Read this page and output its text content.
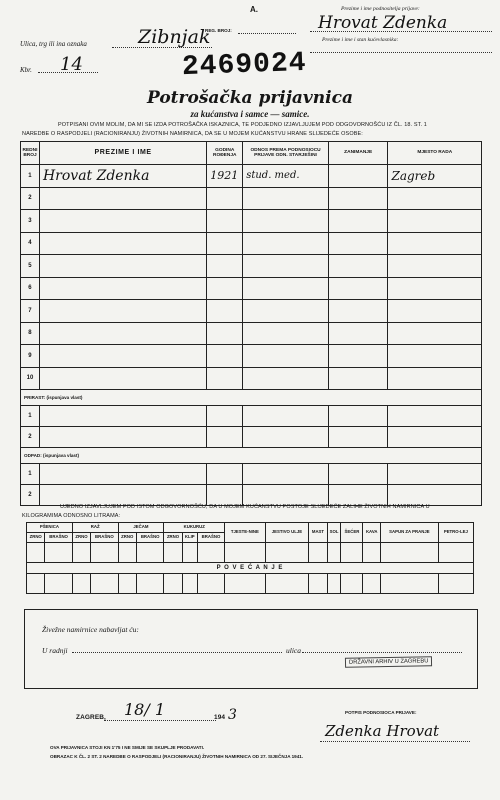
A.
REG. BROJ:
Prezime i ime podnositelja prijave:
Hrovat Zdenka
Prezime i ime i stan kućevlasnika:
Ulica, trg ili ina oznaka	Zibnjak
Kbr. 14	2469024
Potrošačka prijavnica
za kućanstva i samce — samice.
POTPISANI OVIM MOLIM, DA MI SE IZDA POTROŠAČKA ISKAZNICA, TE PODJEDNO IZJAVLJUJEM POD ODGOVORNOŠĆU IZ ČL. 18. ST. 1
NAREDBE O RASPODJELI (RACIONIRANJU) ŽIVOTNIH NAMIRNICA, DA SE U MOJEM KUĆANSTVU HRANE SLIJEDEĆE OSOBE:
REDNI BROJ	PREZIME I IME	GODINA ROĐENJA	ODNOS PREMA PODNOSIOCU PRIJAVE ODN. STARJEŠINI	ZANIMANJE	MJESTO RADA
1	Hrovat Zdenka	1921	stud. med.		Zagreb
2					
3					
4					
5					
6					
7					
8					
9					
10					
PRIRAST: (ispunjava vlast)					
1					
2					
ODPAD: (ispunjava vlast)					
1					
2					
UJEDNO IZJAVLJUJEM POD ISTOM ODGOVORNOŠĆU, DA U MOJEM KUĆANSTVU POSTOJE SLIJEDEĆE ZALIHE ŽIVOTNIH NAMIRNICA U
KILOGRAMIMA ODNOSNO LITRAMA:
PŠENICA		RAŽ		JEČAM		KUKURUZ			TJESTE-NINE	JESTIVO ULJE	MAST	SOL	ŠEĆER	KAVA	SAPUN ZA PRANJE	PETRO-LEJ
ZRNO	BRAŠNO	ZRNO	BRAŠNO	ZRNO	BRAŠNO	ZRNO	KLIP	BRAŠNO								

P O V E Ć A N J E																

Živežne namirnice nabavljat ću:
U radnji	ulica
DRŽAVNI ARHIV U ZAGREBU
ZAGREB, 18/ 1	194 3	POTPIS PODNOSIOCA PRIJAVE:
Zdenka Hrovat
OVA PRIJAVNICA STOJI KN 1'75 I NE SMIJE SE SKUPLJE PRODAVATI.
OBRAZAC K ČL. 2 ST. 2 NAREDBE O RASPODJELI (RACIONIRANJU) ŽIVOTNIH NAMIRNICA OD 27. SIJEČNJA 1941.
